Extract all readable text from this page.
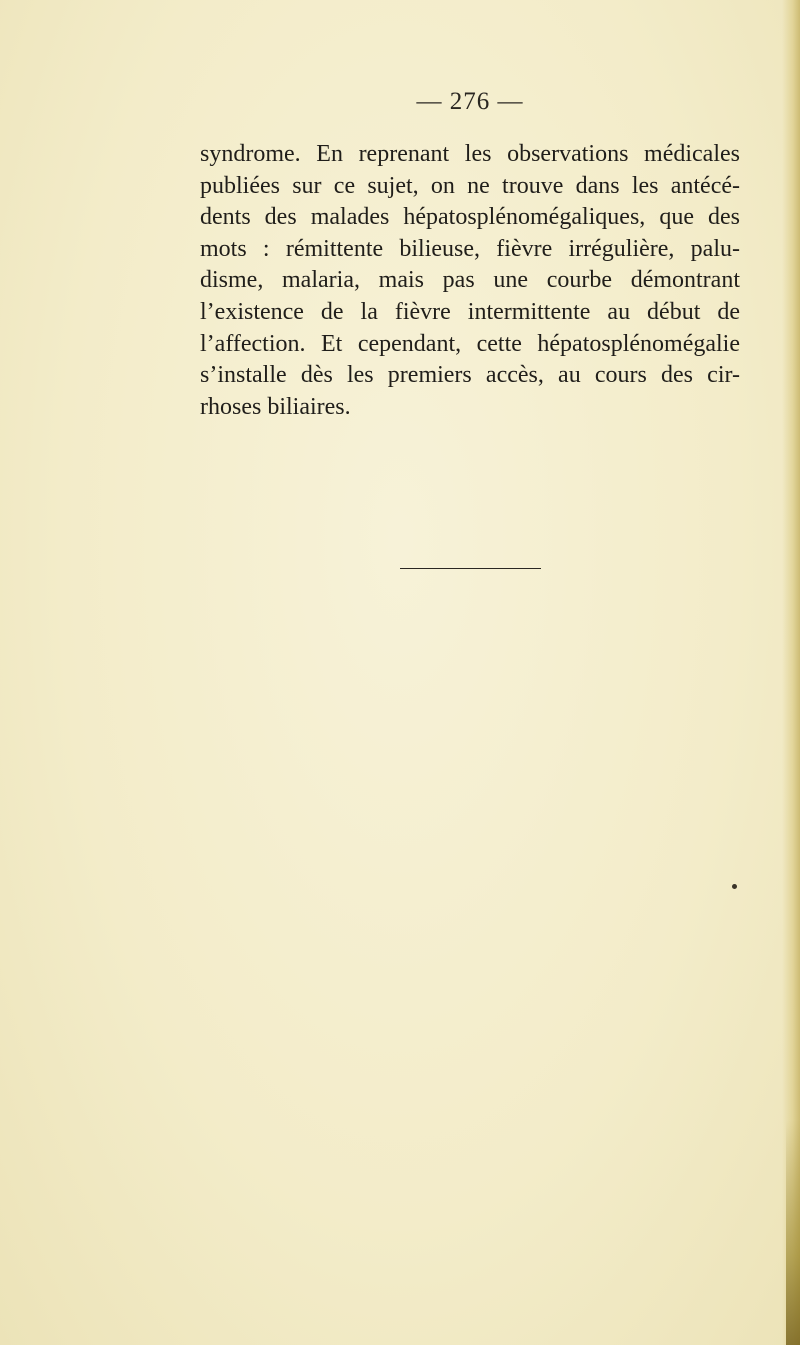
— 276 —

syndrome. En reprenant les observations médicales
publiées sur ce sujet, on ne trouve dans les antécé-
dents des malades hépatosplénomégaliques, que des
mots : rémittente bilieuse, fièvre irrégulière, palu-
disme, malaria, mais pas une courbe démontrant
l’existence de la fièvre intermittente au début de
l’affection. Et cependant, cette hépatosplénomégalie
s’installe dès les premiers accès, au cours des cir-
rhoses biliaires.
